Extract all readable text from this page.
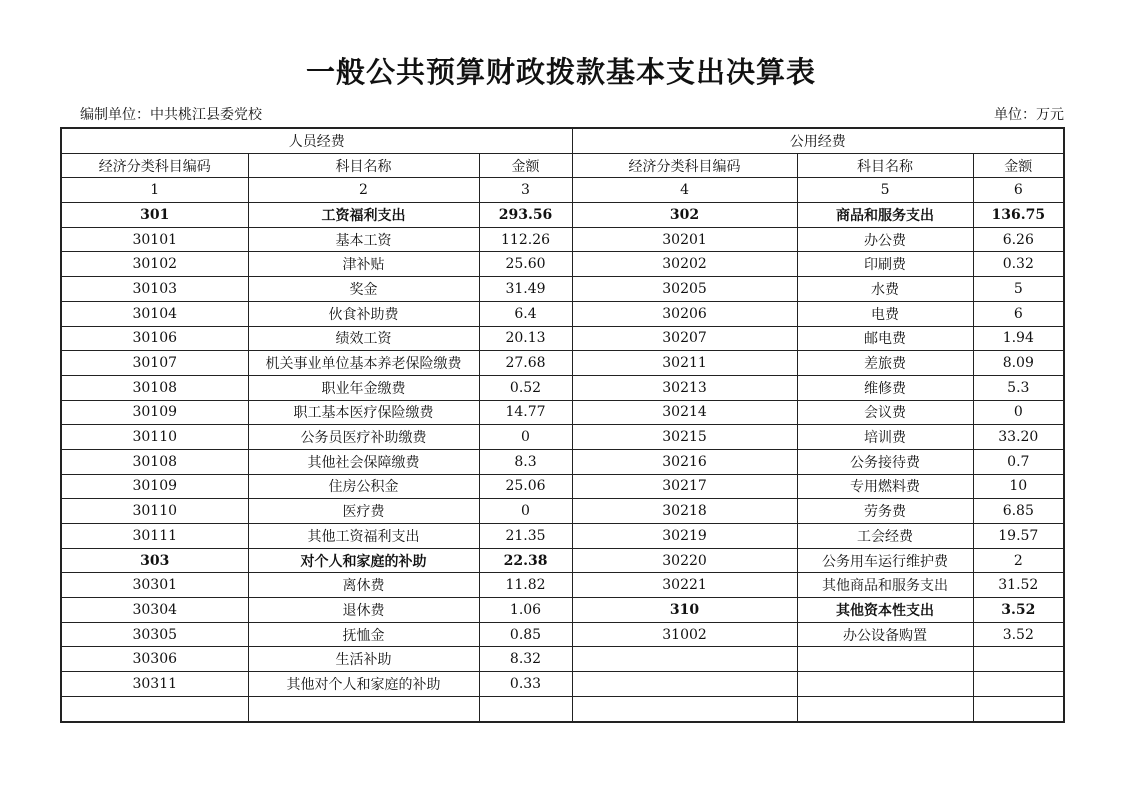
一般公共预算财政拨款基本支出决算表
编制单位：中共桃江县委党校	单位：万元
人员经费			公用经费		
经济分类科目编码	科目名称	金额	经济分类科目编码	科目名称	金额
1	2	3	4	5	6
301	工资福利支出	293.56	302	商品和服务支出	136.75
30101	基本工资	112.26	30201	办公费	6.26
30102	津补贴	25.60	30202	印刷费	0.32
30103	奖金	31.49	30205	水费	5
30104	伙食补助费	6.4	30206	电费	6
30106	绩效工资	20.13	30207	邮电费	1.94
30107	机关事业单位基本养老保险缴费	27.68	30211	差旅费	8.09
30108	职业年金缴费	0.52	30213	维修费	5.3
30109	职工基本医疗保险缴费	14.77	30214	会议费	0
30110	公务员医疗补助缴费	0	30215	培训费	33.20
30108	其他社会保障缴费	8.3	30216	公务接待费	0.7
30109	住房公积金	25.06	30217	专用燃料费	10
30110	医疗费	0	30218	劳务费	6.85
30111	其他工资福利支出	21.35	30219	工会经费	19.57
303	对个人和家庭的补助	22.38	30220	公务用车运行维护费	2
30301	离休费	11.82	30221	其他商品和服务支出	31.52
30304	退休费	1.06	310	其他资本性支出	3.52
30305	抚恤金	0.85	31002	办公设备购置	3.52
30306	生活补助	8.32			
30311	其他对个人和家庭的补助	0.33			
